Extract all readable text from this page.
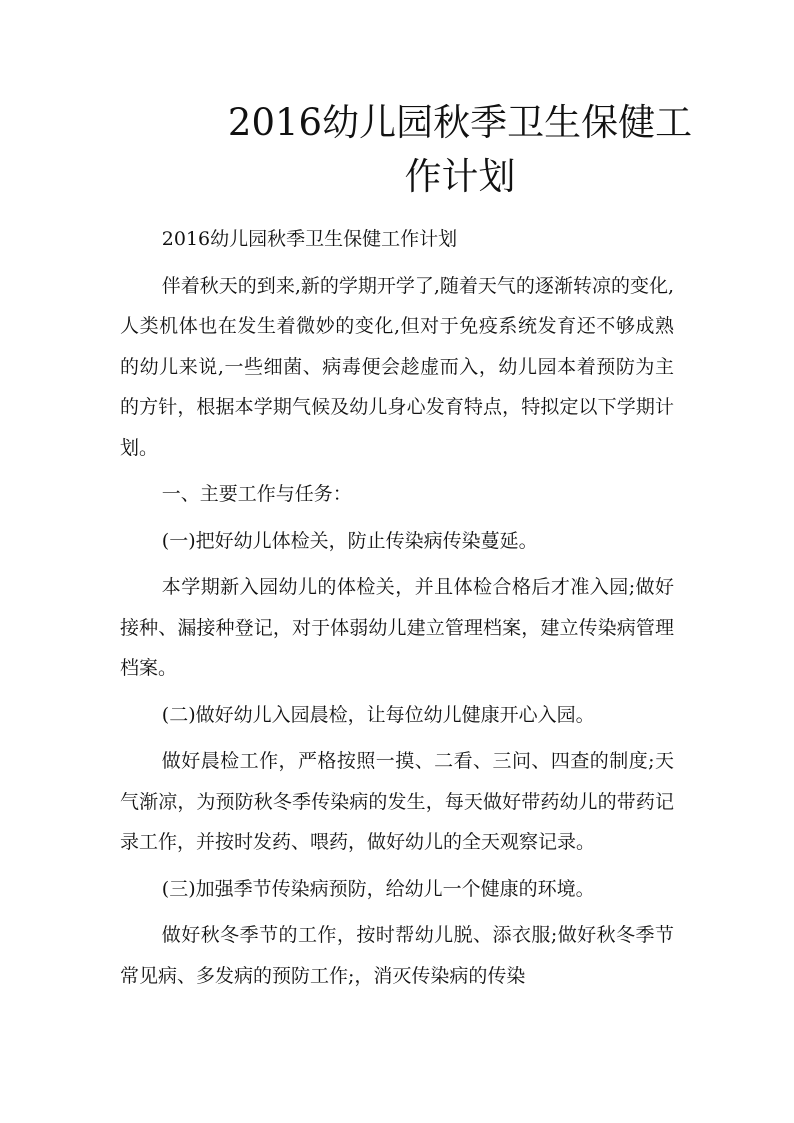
2016幼儿园秋季卫生保健工
作计划

2016幼儿园秋季卫生保健工作计划

伴着秋天的到来,新的学期开学了,随着天气的逐渐转凉的变化,人类机体也在发生着微妙的变化,但对于免疫系统发育还不够成熟的幼儿来说,一些细菌、病毒便会趁虚而入，幼儿园本着预防为主的方针，根据本学期气候及幼儿身心发育特点，特拟定以下学期计划。

一、主要工作与任务：

(一)把好幼儿体检关，防止传染病传染蔓延。

本学期新入园幼儿的体检关，并且体检合格后才准入园;做好接种、漏接种登记，对于体弱幼儿建立管理档案，建立传染病管理档案。

(二)做好幼儿入园晨检，让每位幼儿健康开心入园。

做好晨检工作，严格按照一摸、二看、三问、四查的制度;天气渐凉，为预防秋冬季传染病的发生，每天做好带药幼儿的带药记录工作，并按时发药、喂药，做好幼儿的全天观察记录。

(三)加强季节传染病预防，给幼儿一个健康的环境。

做好秋冬季节的工作，按时帮幼儿脱、添衣服;做好秋冬季节常见病、多发病的预防工作;，消灭传染病的传染
